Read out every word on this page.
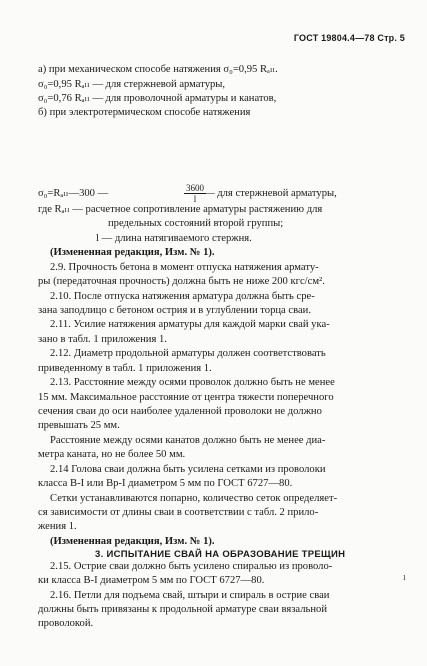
ГОСТ 19804.4—78 Стр. 5
а) при механическом способе натяжения σ₀=0,95 Rₐₗₗ.
σ₀=0,95 Rₐₗₗ — для стержневой арматуры,
σ₀=0,76 Rₐₗₗ — для проволочной арматуры и канатов,
б) при электротермическом способе натяжения
σ₀=Rₐₗₗ—300 —	— для стержневой арматуры,
где Rₐₗₗ — расчетное сопротивление арматуры растяжению для
предельных состояний второй группы;
l — длина натягиваемого стержня.
(Измененная редакция, Изм. № 1).
2.9. Прочность бетона в момент отпуска натяжения армату-
ры (передаточная прочность) должна быть не ниже 200 кгс/см².
2.10. После отпуска натяжения арматура должна быть сре-
зана заподлицо с бетоном острия и в углублении торца сваи.
2.11. Усилие натяжения арматуры для каждой марки свай ука-
зано в табл. 1 приложения 1.
2.12. Диаметр продольной арматуры должен соответствовать
приведенному в табл. 1 приложения 1.
2.13. Расстояние между осями проволок должно быть не менее
15 мм. Максимальное расстояние от центра тяжести поперечного
сечения сваи до оси наиболее удаленной проволоки не должно
превышать 25 мм.
Расстояние между осями канатов должно быть не менее диа-
метра каната, но не более 50 мм.
2.14 Голова сваи должна быть усилена сетками из проволоки
класса В-I или Вр-I диаметром 5 мм по ГОСТ 6727—80.
Сетки устанавливаются попарно, количество сеток определяет-
ся зависимости от длины сваи в соответствии с табл. 2 прило-
жения 1.
(Измененная редакция, Изм. № 1).
2.15. Острие сваи должно быть усилено спиралью из проволо-
ки класса В-I диаметром 5 мм по ГОСТ 6727—80.
2.16. Петли для подъема свай, штыри и спираль в острие сваи
должны быть привязаны к продольной арматуре сваи вязальной
проволокой.
$\frac{3600}{l}$
3. ИСПЫТАНИЕ СВАЙ НА ОБРАЗОВАНИЕ ТРЕЩИН
ı
